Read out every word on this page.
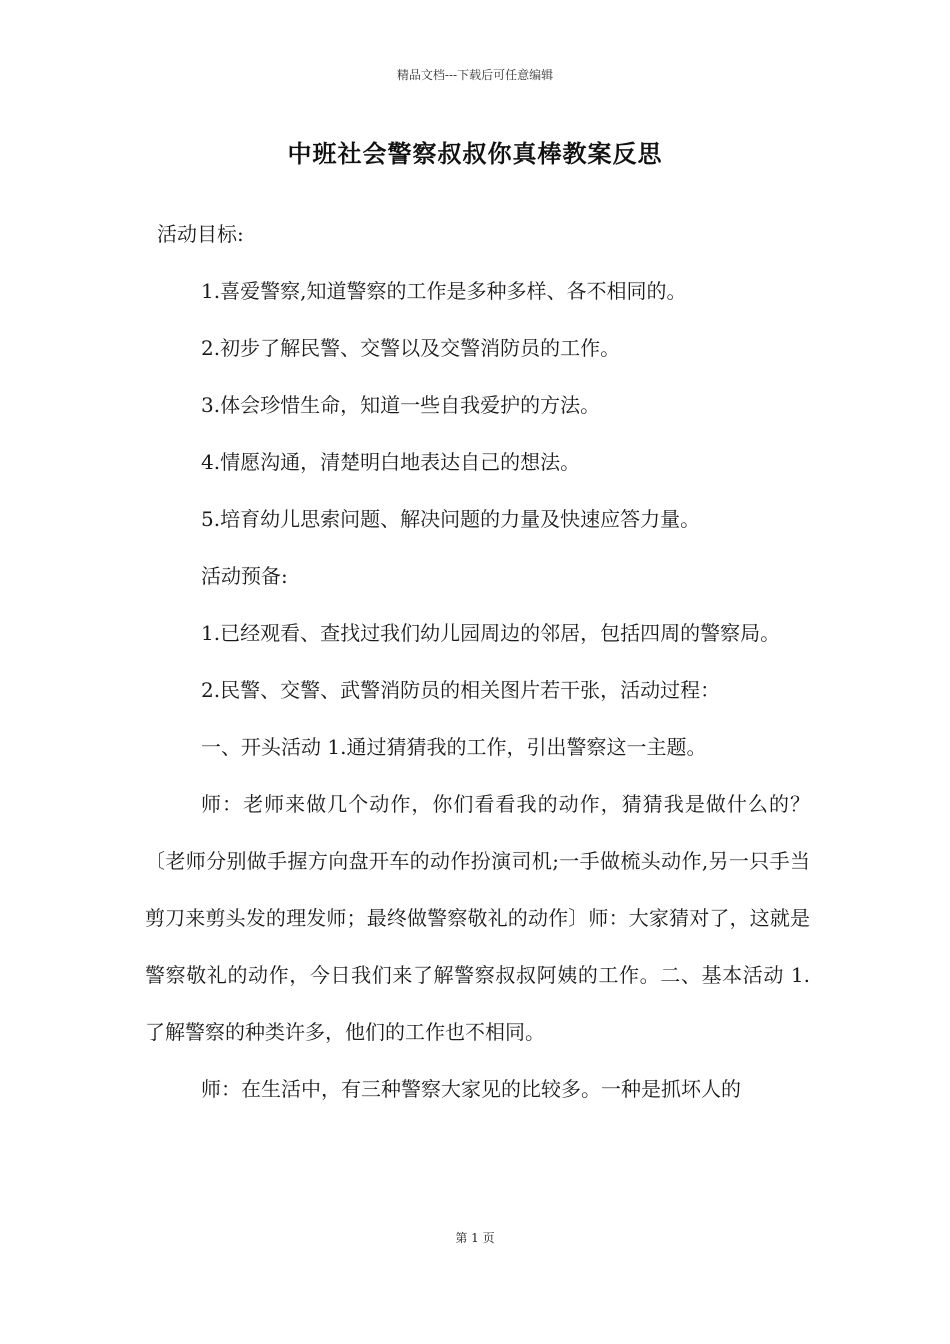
精品文档---下载后可任意编辑
中班社会警察叔叔你真棒教案反思

活动目标:

1.喜爱警察,知道警察的工作是多种多样、各不相同的。

2.初步了解民警、交警以及交警消防员的工作。

3.体会珍惜生命，知道一些自我爱护的方法。

4.情愿沟通，清楚明白地表达自己的想法。

5.培育幼儿思索问题、解决问题的力量及快速应答力量。

活动预备:

1.已经观看、查找过我们幼儿园周边的邻居，包括四周的警察局。

2.民警、交警、武警消防员的相关图片若干张，活动过程：

一、开头活动 1.通过猜猜我的工作，引出警察这一主题。

师：老师来做几个动作，你们看看我的动作，猜猜我是做什么的？〔老师分别做手握方向盘开车的动作扮演司机;一手做梳头动作,另一只手当剪刀来剪头发的理发师；最终做警察敬礼的动作〕师：大家猜对了，这就是警察敬礼的动作，今日我们来了解警察叔叔阿姨的工作。二、基本活动 1.了解警察的种类许多，他们的工作也不相同。

师：在生活中，有三种警察大家见的比较多。一种是抓坏人的

第 1 页
